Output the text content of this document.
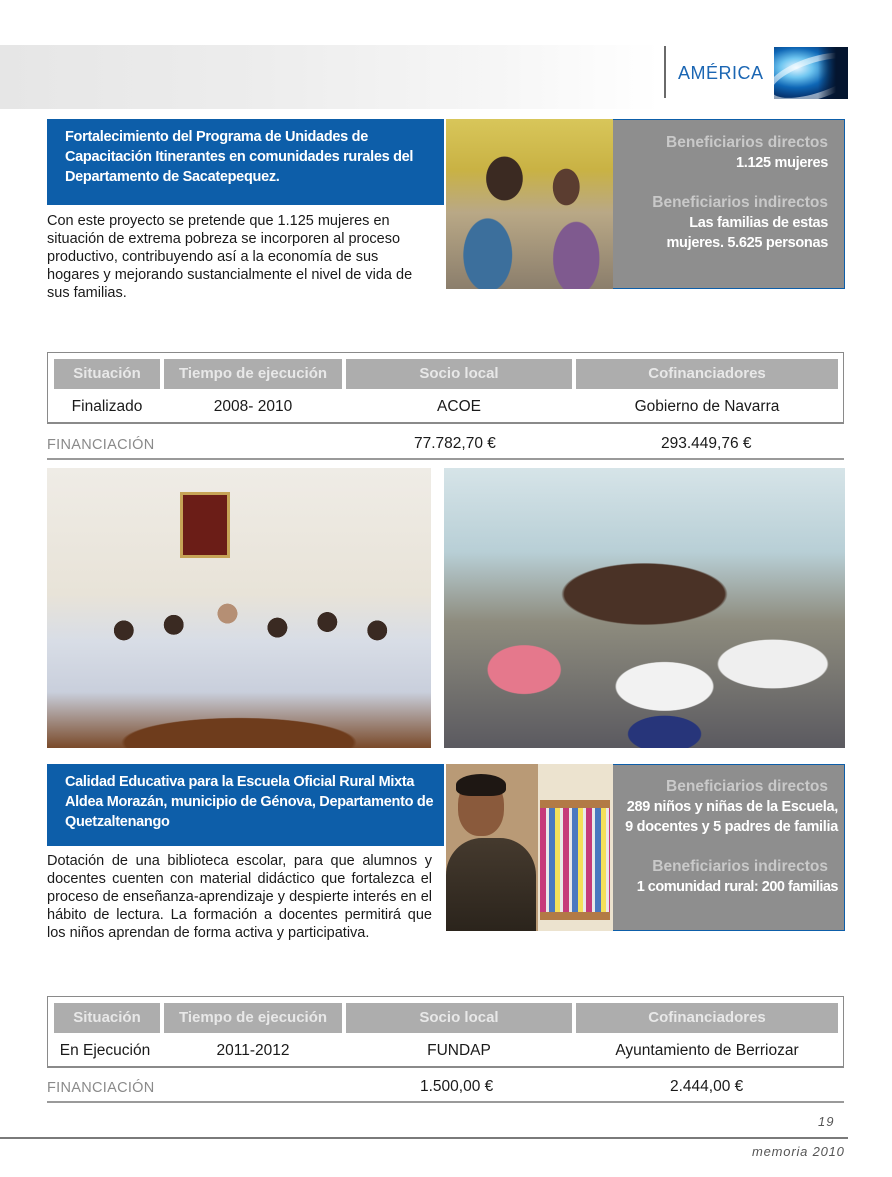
AMÉRICA
Fortalecimiento del Programa de Unidades de Capacitación Itinerantes en comunidades rurales del Departamento de Sacatepequez.
Con este proyecto se pretende que 1.125 mujeres en situación de extrema pobreza se incorporen al proceso productivo, contribuyendo así a la economía de sus hogares y mejorando sustancialmente el nivel de vida de sus familias.
Beneficiarios directos
1.125 mujeres
Beneficiarios indirectos
Las familias de estas mujeres. 5.625 personas
Situación	Tiempo de ejecución	Socio local	Cofinanciadores
Finalizado	2008- 2010	ACOE	Gobierno de Navarra
FINANCIACIÓN	77.782,70 €	293.449,76 €
Calidad Educativa para la Escuela Oficial Rural Mixta Aldea Morazán, municipio de Génova, Departamento de Quetzaltenango
Dotación de una biblioteca escolar, para que alumnos y docentes cuenten con material didáctico que fortalezca el proceso de enseñanza-aprendizaje y despierte interés en el hábito de lectura. La formación a docentes permitirá que los niños aprendan de forma activa y participativa.
Beneficiarios directos
289 niños y niñas de la Escuela, 9 docentes y 5 padres de familia
Beneficiarios indirectos
1 comunidad rural: 200 familias
Situación	Tiempo de ejecución	Socio local	Cofinanciadores
En Ejecución	2011-2012	FUNDAP	Ayuntamiento de Berriozar
FINANCIACIÓN	1.500,00 €	2.444,00 €
19
memoria 2010
